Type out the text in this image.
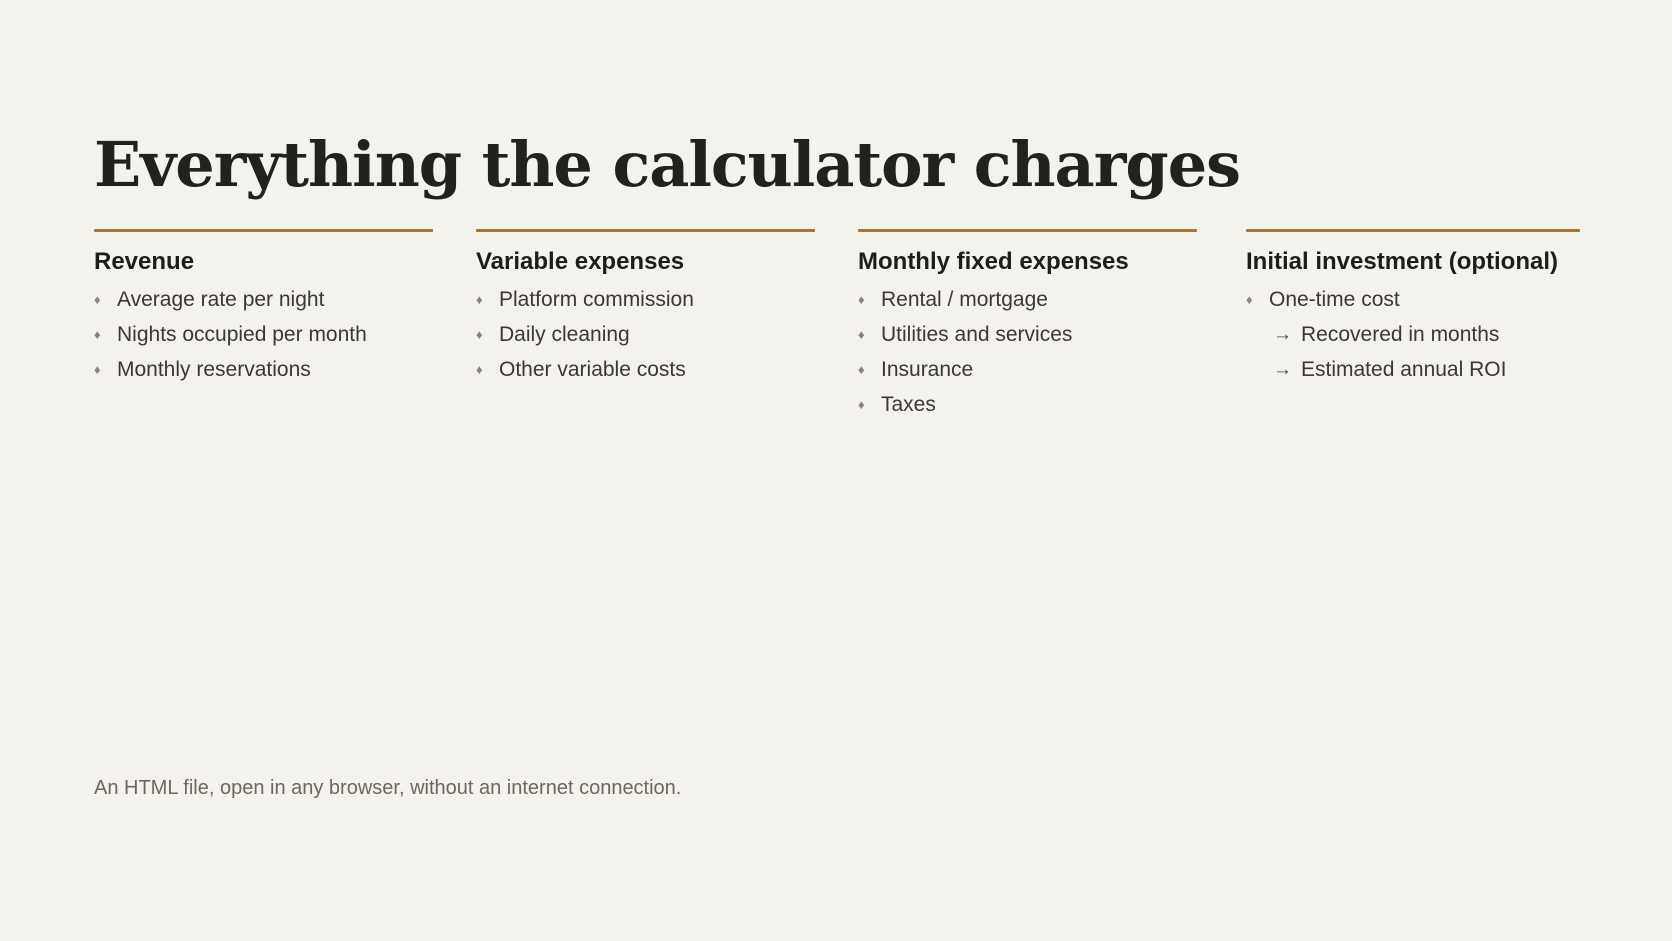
Everything the calculator charges
Revenue
♦ Average rate per night
♦ Nights occupied per month
♦ Monthly reservations
Variable expenses
♦ Platform commission
♦ Daily cleaning
♦ Other variable costs
Monthly fixed expenses
♦ Rental / mortgage
♦ Utilities and services
♦ Insurance
♦ Taxes
Initial investment (optional)
♦ One-time cost
→ Recovered in months
→ Estimated annual ROI
An HTML file, open in any browser, without an internet connection.
